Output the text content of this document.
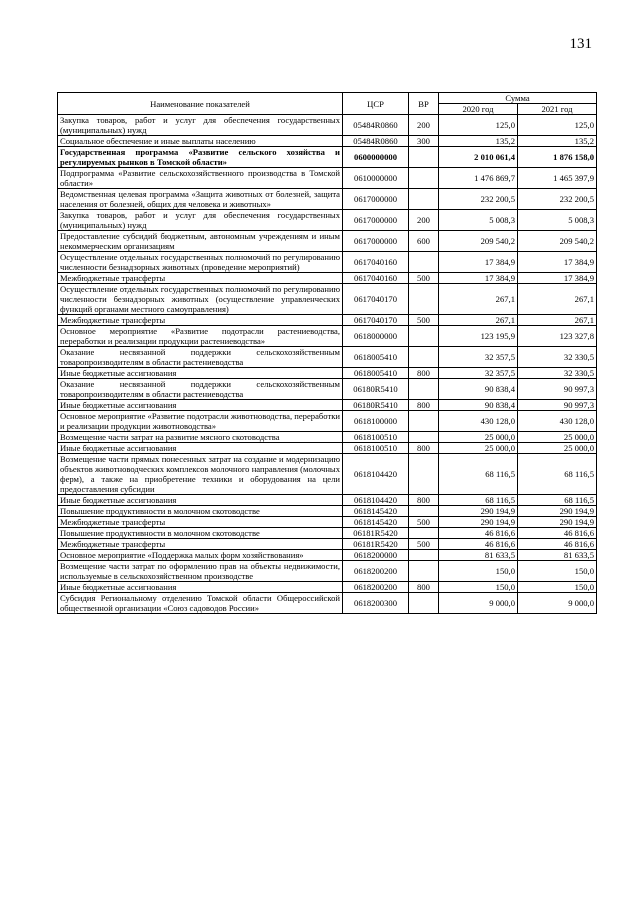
131
Наименование показателей	ЦСР	ВР	Сумма	
			2020 год	2021 год
Закупка товаров, работ и услуг для обеспечения государственных (муниципальных) нужд	05484R0860	200	125,0	125,0
Социальное обеспечение и иные выплаты населению	05484R0860	300	135,2	135,2
Государственная программа «Развитие сельского хозяйства и регулируемых рынков в Томской области»	0600000000		2 010 061,4	1 876 158,0
Подпрограмма «Развитие сельскохозяйственного производства в Томской области»	0610000000		1 476 869,7	1 465 397,9
Ведомственная целевая программа «Защита животных от болезней, защита населения от болезней, общих для человека и животных»	0617000000		232 200,5	232 200,5
Закупка товаров, работ и услуг для обеспечения государственных (муниципальных) нужд	0617000000	200	5 008,3	5 008,3
Предоставление субсидий бюджетным, автономным учреждениям и иным некоммерческим организациям	0617000000	600	209 540,2	209 540,2
Осуществление отдельных государственных полномочий по регулированию численности безнадзорных животных (проведение мероприятий)	0617040160		17 384,9	17 384,9
Межбюджетные трансферты	0617040160	500	17 384,9	17 384,9
Осуществление отдельных государственных полномочий по регулированию численности безнадзорных животных (осуществление управленческих функций органами местного самоуправления)	0617040170		267,1	267,1
Межбюджетные трансферты	0617040170	500	267,1	267,1
Основное мероприятие «Развитие подотрасли растениеводства, переработки и реализации продукции растениеводства»	0618000000		123 195,9	123 327,8
Оказание несвязанной поддержки сельскохозяйственным товаропроизводителям в области растениеводства	0618005410		32 357,5	32 330,5
Иные бюджетные ассигнования	0618005410	800	32 357,5	32 330,5
Оказание несвязанной поддержки сельскохозяйственным товаропроизводителям в области растениеводства	06180R5410		90 838,4	90 997,3
Иные бюджетные ассигнования	06180R5410	800	90 838,4	90 997,3
Основное мероприятие «Развитие подотрасли животноводства, переработки и реализации продукции животноводства»	0618100000		430 128,0	430 128,0
Возмещение части затрат на развитие мясного скотоводства	0618100510		25 000,0	25 000,0
Иные бюджетные ассигнования	0618100510	800	25 000,0	25 000,0
Возмещение части прямых понесенных затрат на создание и модернизацию объектов животноводческих комплексов молочного направления (молочных ферм), а также на приобретение техники и оборудования на цели предоставления субсидии	0618104420		68 116,5	68 116,5
Иные бюджетные ассигнования	0618104420	800	68 116,5	68 116,5
Повышение продуктивности в молочном скотоводстве	0618145420		290 194,9	290 194,9
Межбюджетные трансферты	0618145420	500	290 194,9	290 194,9
Повышение продуктивности в молочном скотоводстве	06181R5420		46 816,6	46 816,6
Межбюджетные трансферты	06181R5420	500	46 816,6	46 816,6
Основное мероприятие «Поддержка малых форм хозяйствования»	0618200000		81 633,5	81 633,5
Возмещение части затрат по оформлению прав на объекты недвижимости, используемые в сельскохозяйственном производстве	0618200200		150,0	150,0
Иные бюджетные ассигнования	0618200200	800	150,0	150,0
Субсидия Региональному отделению Томской области Общероссийской общественной организации «Союз садоводов России»	0618200300		9 000,0	9 000,0
